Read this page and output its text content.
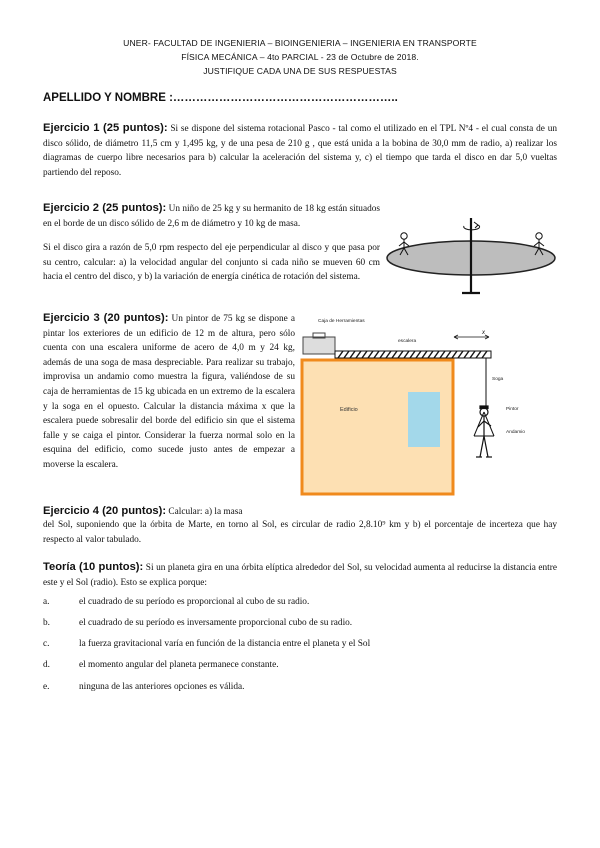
UNER- FACULTAD DE INGENIERIA – BIOINGENIERIA – INGENIERIA EN TRANSPORTE
FÍSICA MECÁNICA – 4to PARCIAL - 23 de Octubre de 2018.
JUSTIFIQUE CADA UNA DE SUS RESPUESTAS
APELLIDO Y NOMBRE :…………………………………………………..
Ejercicio 1 (25 puntos): Si se dispone del sistema rotacional Pasco - tal como el utilizado en el TPL Nº4 - el cual consta de un disco sólido, de diámetro 11,5 cm y 1,495 kg, y de una pesa de 210 g , que está unida a la bobina de 30,0 mm de radio, a) realizar los diagramas de cuerpo libre necesarios para b) calcular la aceleración del sistema y, c) el tiempo que tarda el disco en dar 5,0 vueltas partiendo del reposo.
Ejercicio 2 (25 puntos): Un niño de 25 kg y su hermanito de 18 kg están situados en el borde de un disco sólido de 2,6 m de diámetro y 10 kg de masa.
Si el disco gira a razón de 5,0 rpm respecto del eje perpendicular al disco y que pasa por su centro, calcular: a) la velocidad angular del conjunto si cada niño se mueven 60 cm hacia el centro del disco, y b) la variación de energía cinética de rotación del sistema.
Ejercicio 3 (20 puntos): Un pintor de 75 kg se dispone a pintar los exteriores de un edificio de 12 m de altura, pero sólo cuenta con una escalera uniforme de acero de 4,0 m y 24 kg, además de una soga de masa despreciable. Para realizar su trabajo, improvisa un andamio como muestra la figura, valiéndose de su caja de herramientas de 15 kg ubicada en un extremo de la escalera y la soga en el opuesto. Calcular la distancia máxima x que la escalera puede sobresalir del borde del edificio sin que el sistema falle y se caiga el pintor. Considerar la fuerza normal solo en la esquina del edificio, como sucede justo antes de empezar a moverse la escalera.
Edificio
Caja de Herramientas
escalera
x
Soga
Pintor
Andamio
Ejercicio 4 (20 puntos): Calcular: a) la masa
del Sol, suponiendo que la órbita de Marte, en torno al Sol, es circular de radio 2,8.10⁹ km y b) el porcentaje de incerteza que hay respecto al valor tabulado.
Teoría (10 puntos): Si un planeta gira en una órbita elíptica alrededor del Sol, su velocidad aumenta al reducirse la distancia entre este y el Sol (radio). Esto se explica porque:
a.	el cuadrado de su período es proporcional al cubo de su radio.
b.	el cuadrado de su período es inversamente proporcional cubo de su radio.
c.	la fuerza gravitacional varía en función de la distancia entre el planeta y el Sol
d.	el momento angular del planeta permanece constante.
e.	ninguna de las anteriores opciones es válida.
